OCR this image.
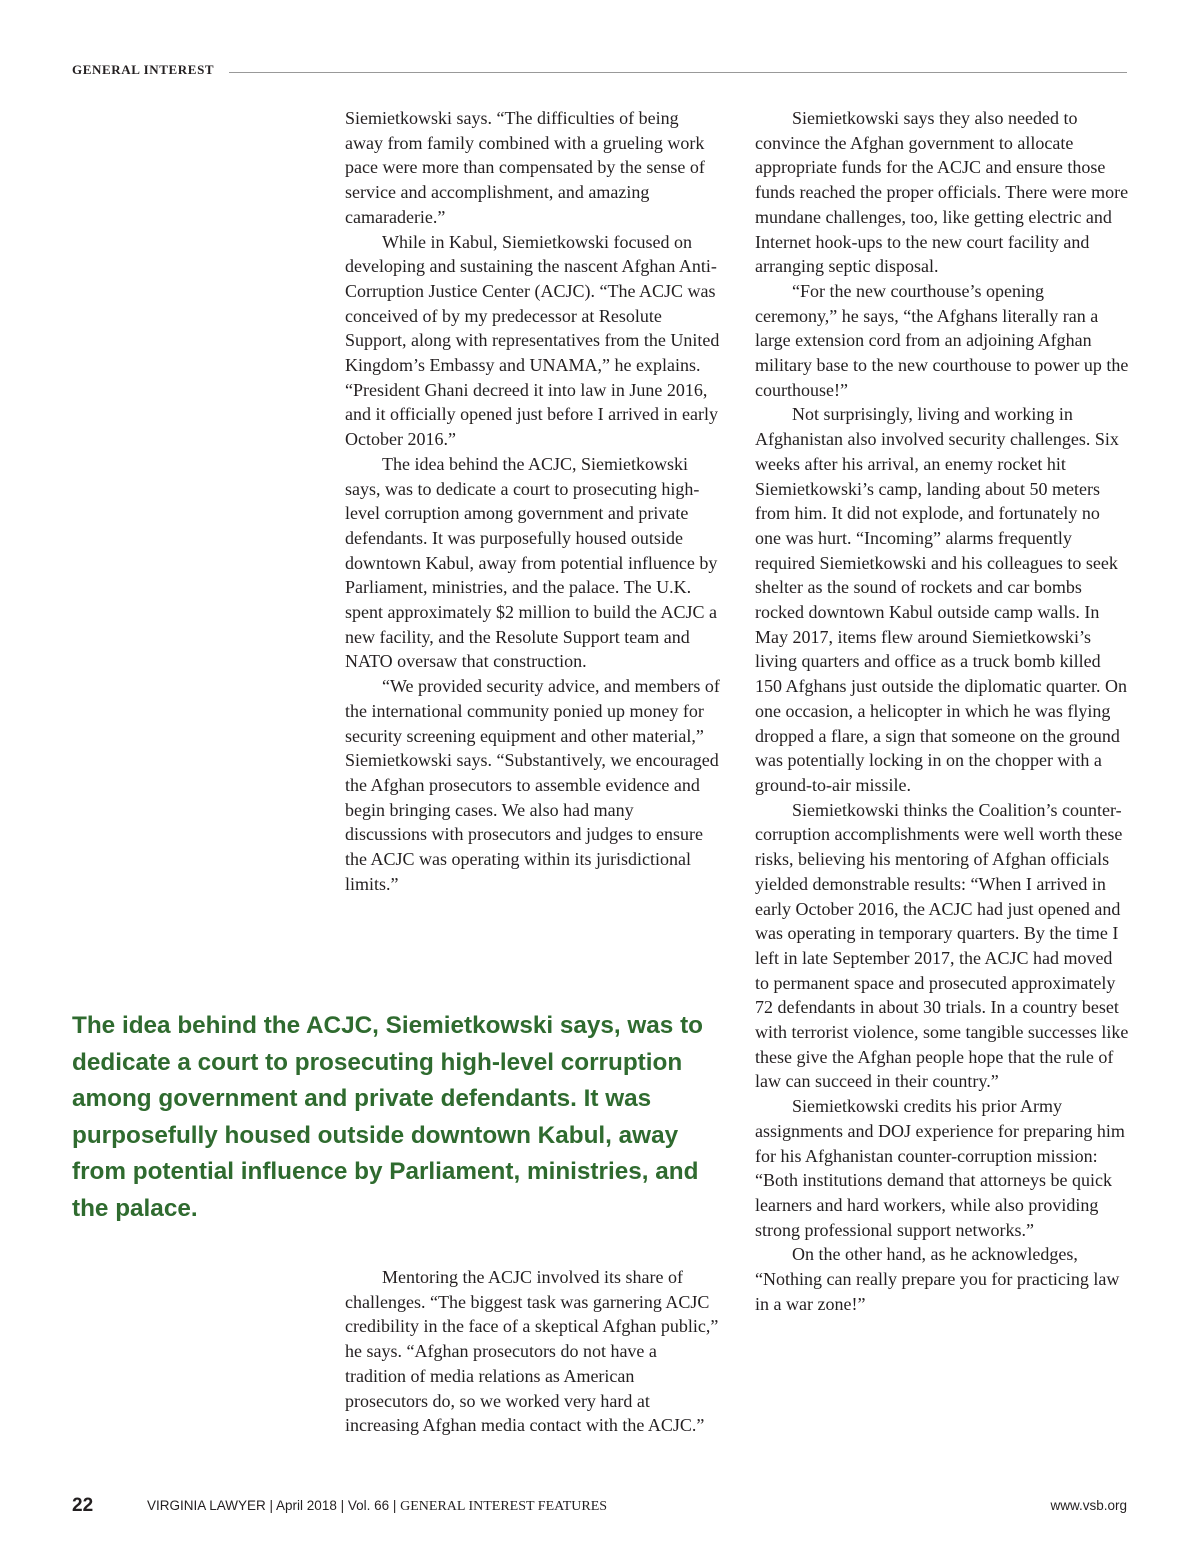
GENERAL INTEREST

Siemietkowski says. “The difficulties of being away from family combined with a grueling work pace were more than compensated by the sense of service and accomplishment, and amazing camaraderie.”

While in Kabul, Siemietkowski focused on developing and sustaining the nascent Afghan Anti-Corruption Justice Center (ACJC). “The ACJC was conceived of by my predecessor at Resolute Support, along with representatives from the United Kingdom’s Embassy and UNAMA,” he explains. “President Ghani decreed it into law in June 2016, and it officially opened just before I arrived in early October 2016.”

The idea behind the ACJC, Siemietkowski says, was to dedicate a court to prosecuting high-level corruption among government and private defendants. It was purposefully housed outside downtown Kabul, away from potential influence by Parliament, ministries, and the palace. The U.K. spent approximately $2 million to build the ACJC a new facility, and the Resolute Support team and NATO oversaw that construction.

“We provided security advice, and members of the international community ponied up money for security screening equipment and other material,” Siemietkowski says. “Substantively, we encouraged the Afghan prosecutors to assemble evidence and begin bringing cases. We also had many discussions with prosecutors and judges to ensure the ACJC was operating within its jurisdictional limits.”

The idea behind the ACJC, Siemietkowski says, was to dedicate a court to prosecuting high-level corruption among government and private defendants. It was purposefully housed outside downtown Kabul, away from potential influence by Parliament, ministries, and the palace.

Mentoring the ACJC involved its share of challenges. “The biggest task was garnering ACJC credibility in the face of a skeptical Afghan public,” he says. “Afghan prosecutors do not have a tradition of media relations as American prosecutors do, so we worked very hard at increasing Afghan media contact with the ACJC.”

Siemietkowski says they also needed to convince the Afghan government to allocate appropriate funds for the ACJC and ensure those funds reached the proper officials. There were more mundane challenges, too, like getting electric and Internet hook-ups to the new court facility and arranging septic disposal.

“For the new courthouse’s opening ceremony,” he says, “the Afghans literally ran a large extension cord from an adjoining Afghan military base to the new courthouse to power up the courthouse!”

Not surprisingly, living and working in Afghanistan also involved security challenges. Six weeks after his arrival, an enemy rocket hit Siemietkowski’s camp, landing about 50 meters from him. It did not explode, and fortunately no one was hurt. “Incoming” alarms frequently required Siemietkowski and his colleagues to seek shelter as the sound of rockets and car bombs rocked downtown Kabul outside camp walls. In May 2017, items flew around Siemietkowski’s living quarters and office as a truck bomb killed 150 Afghans just outside the diplomatic quarter. On one occasion, a helicopter in which he was flying dropped a flare, a sign that someone on the ground was potentially locking in on the chopper with a ground-to-air missile.

Siemietkowski thinks the Coalition’s counter-corruption accomplishments were well worth these risks, believing his mentoring of Afghan officials yielded demonstrable results: “When I arrived in early October 2016, the ACJC had just opened and was operating in temporary quarters. By the time I left in late September 2017, the ACJC had moved to permanent space and prosecuted approximately 72 defendants in about 30 trials. In a country beset with terrorist violence, some tangible successes like these give the Afghan people hope that the rule of law can succeed in their country.”

Siemietkowski credits his prior Army assignments and DOJ experience for preparing him for his Afghanistan counter-corruption mission: “Both institutions demand that attorneys be quick learners and hard workers, while also providing strong professional support networks.”

On the other hand, as he acknowledges, “Nothing can really prepare you for practicing law in a war zone!”

22	VIRGINIA LAWYER | April 2018 | Vol. 66 | GENERAL INTEREST FEATURES	www.vsb.org
